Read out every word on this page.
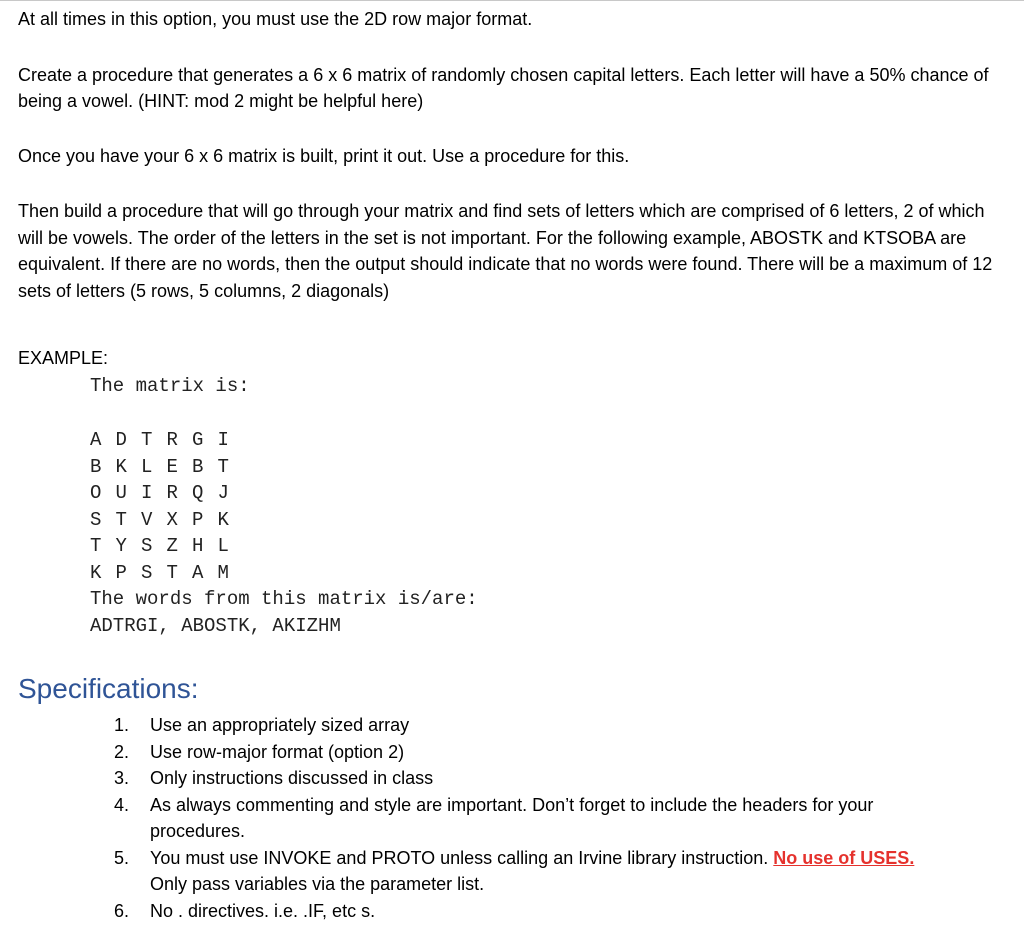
At all times in this option, you must use the 2D row major format.

Create a procedure that generates a 6 x 6 matrix of randomly chosen capital letters. Each letter will have a 50% chance of being a vowel. (HINT: mod 2 might be helpful here)

Once you have your 6 x 6 matrix is built, print it out. Use a procedure for this.

Then build a procedure that will go through your matrix and find sets of letters which are comprised of 6 letters, 2 of which will be vowels. The order of the letters in the set is not important. For the following example, ABOSTK and KTSOBA are equivalent. If there are no words, then the output should indicate that no words were found. There will be a maximum of 12 sets of letters (5 rows, 5 columns, 2 diagonals)

EXAMPLE:
The matrix is:
A D T R G I
B K L E B T
O U I R Q J
S T V X P K
T Y S Z H L
K P S T A M
The words from this matrix is/are:
ADTRGI, ABOSTK, AKIZHM
Specifications:
1.	Use an appropriately sized array
2.	Use row-major format (option 2)
3.	Only instructions discussed in class
4.	As always commenting and style are important. Don’t forget to include the headers for your procedures.
5.	You must use INVOKE and PROTO unless calling an Irvine library instruction. No use of USES. Only pass variables via the parameter list.
6.	No . directives. i.e. .IF, etc s.
